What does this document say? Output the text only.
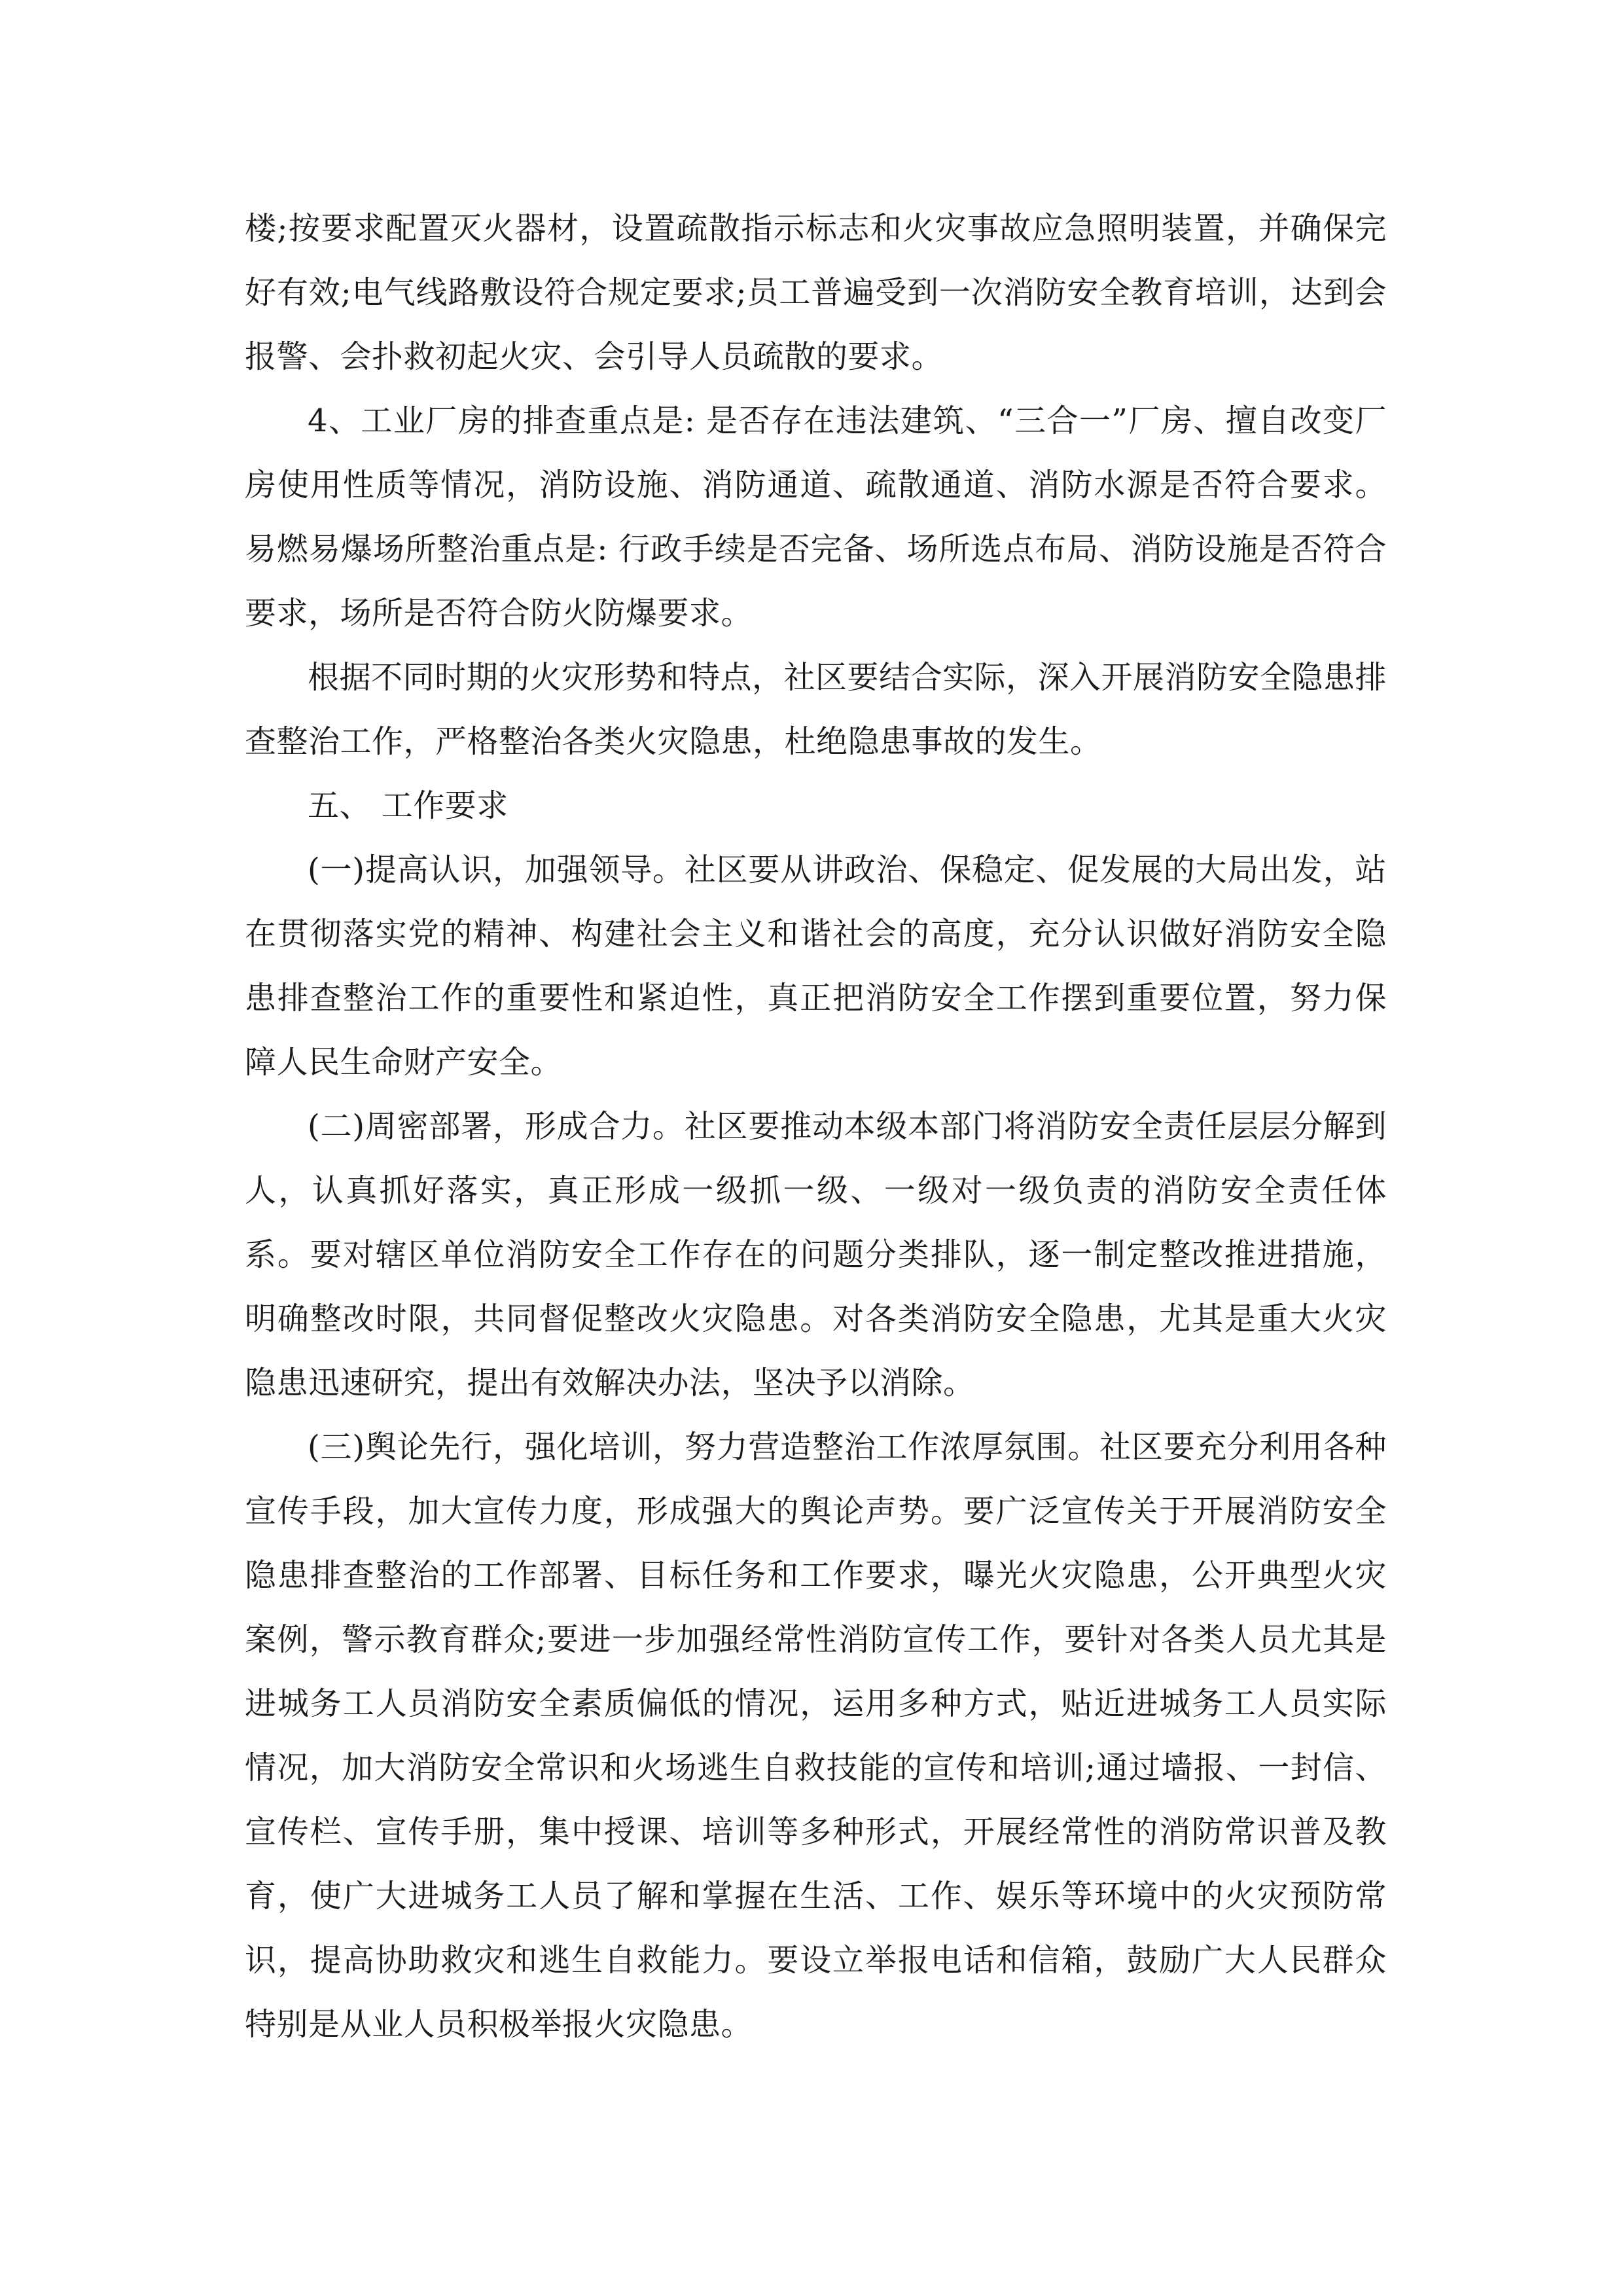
楼;按要求配置灭火器材，设置疏散指示标志和火灾事故应急照明装置，并确保完好有效;电气线路敷设符合规定要求;员工普遍受到一次消防安全教育培训，达到会报警、会扑救初起火灾、会引导人员疏散的要求。

4、工业厂房的排查重点是: 是否存在违法建筑、“三合一”厂房、擅自改变厂房使用性质等情况，消防设施、消防通道、疏散通道、消防水源是否符合要求。易燃易爆场所整治重点是: 行政手续是否完备、场所选点布局、消防设施是否符合要求，场所是否符合防火防爆要求。

根据不同时期的火灾形势和特点，社区要结合实际，深入开展消防安全隐患排查整治工作，严格整治各类火灾隐患，杜绝隐患事故的发生。

五、 工作要求

(一)提高认识，加强领导。社区要从讲政治、保稳定、促发展的大局出发，站在贯彻落实党的精神、构建社会主义和谐社会的高度，充分认识做好消防安全隐患排查整治工作的重要性和紧迫性，真正把消防安全工作摆到重要位置，努力保障人民生命财产安全。

(二)周密部署，形成合力。社区要推动本级本部门将消防安全责任层层分解到人，认真抓好落实，真正形成一级抓一级、一级对一级负责的消防安全责任体系。要对辖区单位消防安全工作存在的问题分类排队，逐一制定整改推进措施，明确整改时限，共同督促整改火灾隐患。对各类消防安全隐患，尤其是重大火灾隐患迅速研究，提出有效解决办法，坚决予以消除。

(三)舆论先行，强化培训，努力营造整治工作浓厚氛围。社区要充分利用各种宣传手段，加大宣传力度，形成强大的舆论声势。要广泛宣传关于开展消防安全隐患排查整治的工作部署、目标任务和工作要求，曝光火灾隐患，公开典型火灾案例，警示教育群众;要进一步加强经常性消防宣传工作，要针对各类人员尤其是进城务工人员消防安全素质偏低的情况，运用多种方式，贴近进城务工人员实际情况，加大消防安全常识和火场逃生自救技能的宣传和培训;通过墙报、一封信、宣传栏、宣传手册，集中授课、培训等多种形式，开展经常性的消防常识普及教育，使广大进城务工人员了解和掌握在生活、工作、娱乐等环境中的火灾预防常识，提高协助救灾和逃生自救能力。要设立举报电话和信箱，鼓励广大人民群众特别是从业人员积极举报火灾隐患。
